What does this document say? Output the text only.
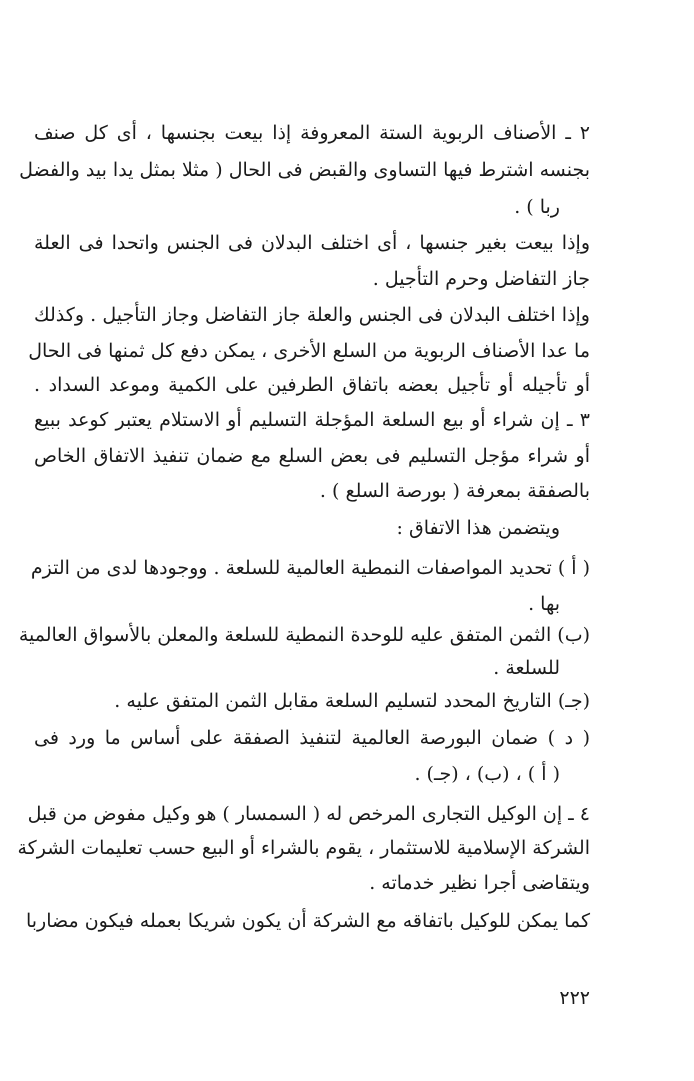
٢ ـ الأصناف الربوية الستة المعروفة إذا بيعت بجنسها ، أى كل صنف
بجنسه اشترط فيها التساوى والقبض فى الحال ( مثلا بمثل يدا بيد والفضل
ربا ) .
وإذا بيعت بغير جنسها ، أى اختلف البدلان فى الجنس واتحدا فى العلة
جاز التفاضل وحرم التأجيل .
وإذا اختلف البدلان فى الجنس والعلة جاز التفاضل وجاز التأجيل . وكذلك
ما عدا الأصناف الربوية من السلع الأخرى ، يمكن دفع كل ثمنها فى الحال
أو تأجيله أو تأجيل بعضه باتفاق الطرفين على الكمية وموعد السداد .
٣ ـ إن شراء أو بيع السلعة المؤجلة التسليم أو الاستلام يعتبر كوعد ببيع
أو شراء مؤجل التسليم فى بعض السلع مع ضمان تنفيذ الاتفاق الخاص
بالصفقة بمعرفة ( بورصة السلع ) .
ويتضمن هذا الاتفاق :
( أ ) تحديد المواصفات النمطية العالمية للسلعة . ووجودها لدى من التزم
بها .
(ب) الثمن المتفق عليه للوحدة النمطية للسلعة والمعلن بالأسواق العالمية
للسلعة .
(جـ) التاريخ المحدد لتسليم السلعة مقابل الثمن المتفق عليه .
( د ) ضمان البورصة العالمية لتنفيذ الصفقة على أساس ما ورد فى
( أ ) ، (ب) ، (جـ) .
٤ ـ إن الوكيل التجارى المرخص له ( السمسار ) هو وكيل مفوض من قبل
الشركة الإسلامية للاستثمار ، يقوم بالشراء أو البيع حسب تعليمات الشركة
ويتقاضى أجرا نظير خدماته .
كما يمكن للوكيل باتفاقه مع الشركة أن يكون شريكا بعمله فيكون مضاربا
٢٢٢
